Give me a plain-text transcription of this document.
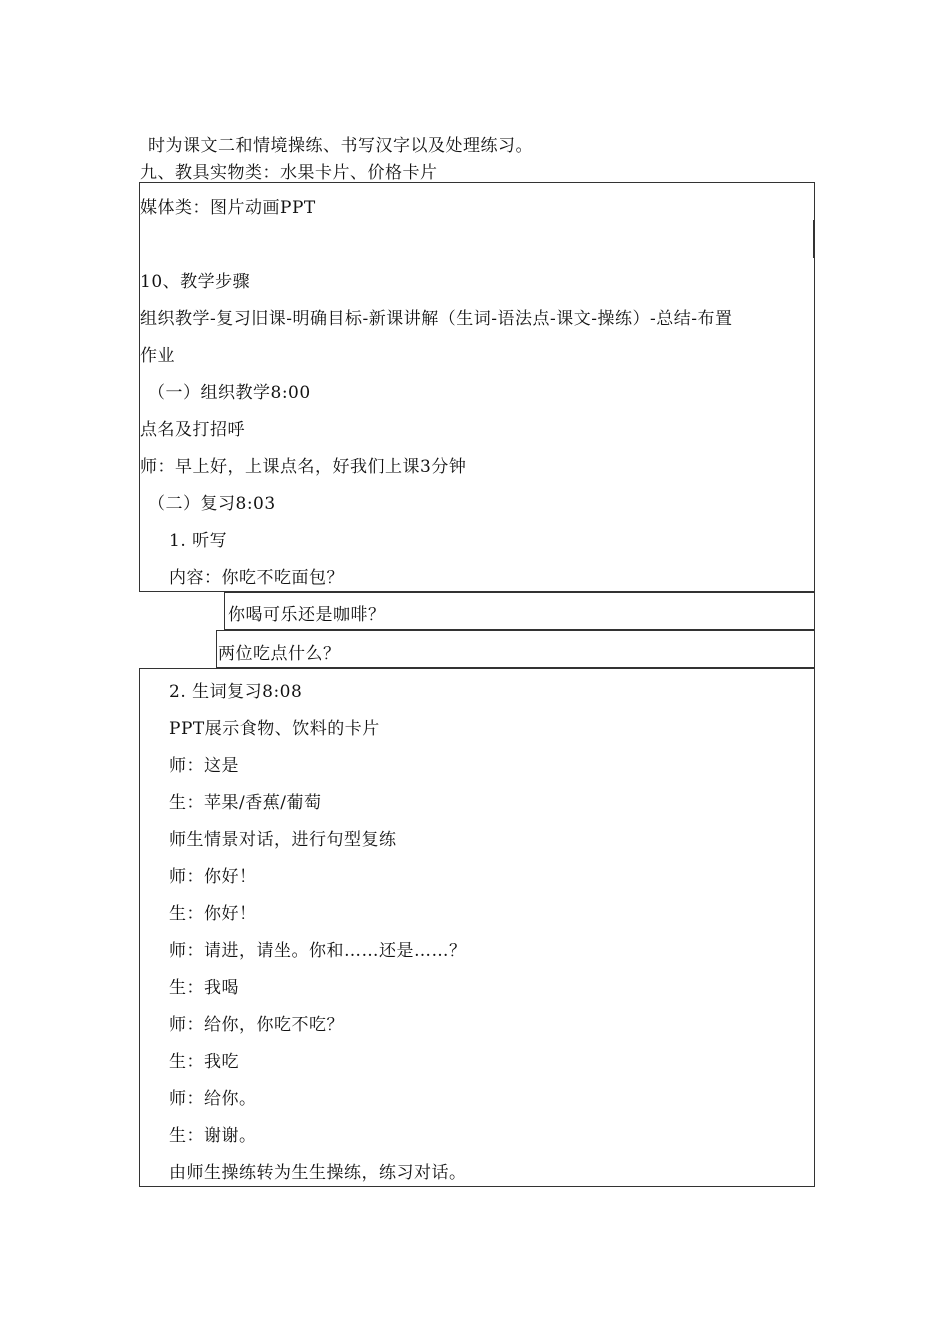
时为课文二和情境操练、书写汉字以及处理练习。
九、教具实物类：水果卡片、价格卡片
媒体类：图片动画PPT
10、教学步骤
组织教学-复习旧课-明确目标-新课讲解（生词-语法点-课文-操练）-总结-布置
作业
（一）组织教学8:00
点名及打招呼
师：早上好，上课点名，好我们上课3分钟
（二）复习8:03
1. 听写
内容：你吃不吃面包？
你喝可乐还是咖啡？
两位吃点什么？
2. 生词复习8:08
PPT展示食物、饮料的卡片
师：这是
生：苹果/香蕉/葡萄
师生情景对话，进行句型复练
师：你好！
生：你好！
师：请进，请坐。你和……还是……？
生：我喝
师：给你，你吃不吃？
生：我吃
师：给你。
生：谢谢。
由师生操练转为生生操练，练习对话。
